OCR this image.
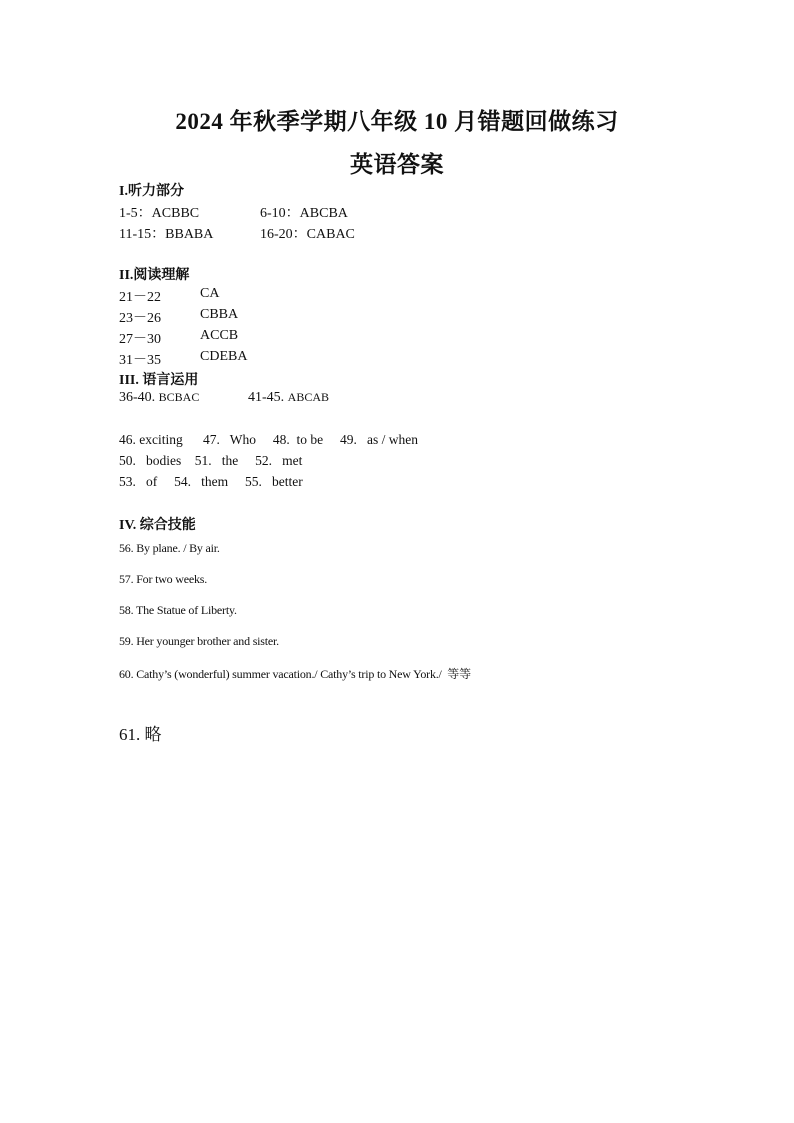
2024 年秋季学期八年级 10 月错题回做练习
英语答案
I.听力部分
1-5：ACBBC	6-10：ABCBA
11-15：BBABA	16-20：CABAC
II.阅读理解
21－22	CA
23－26	CBBA
27－30	ACCB
31－35	CDEBA
III. 语言运用
36-40. BCBAC	41-45. ABCAB
46. exciting      47.   Who     48.  to be     49.   as / when
50.   bodies    51.   the     52.   met
53.   of     54.   them     55.   better
IV. 综合技能
56. By plane. / By air.
57. For two weeks.
58. The Statue of Liberty.
59. Her younger brother and sister.
60. Cathy’s (wonderful) summer vacation./ Cathy’s trip to New York./  等等
61. 略
